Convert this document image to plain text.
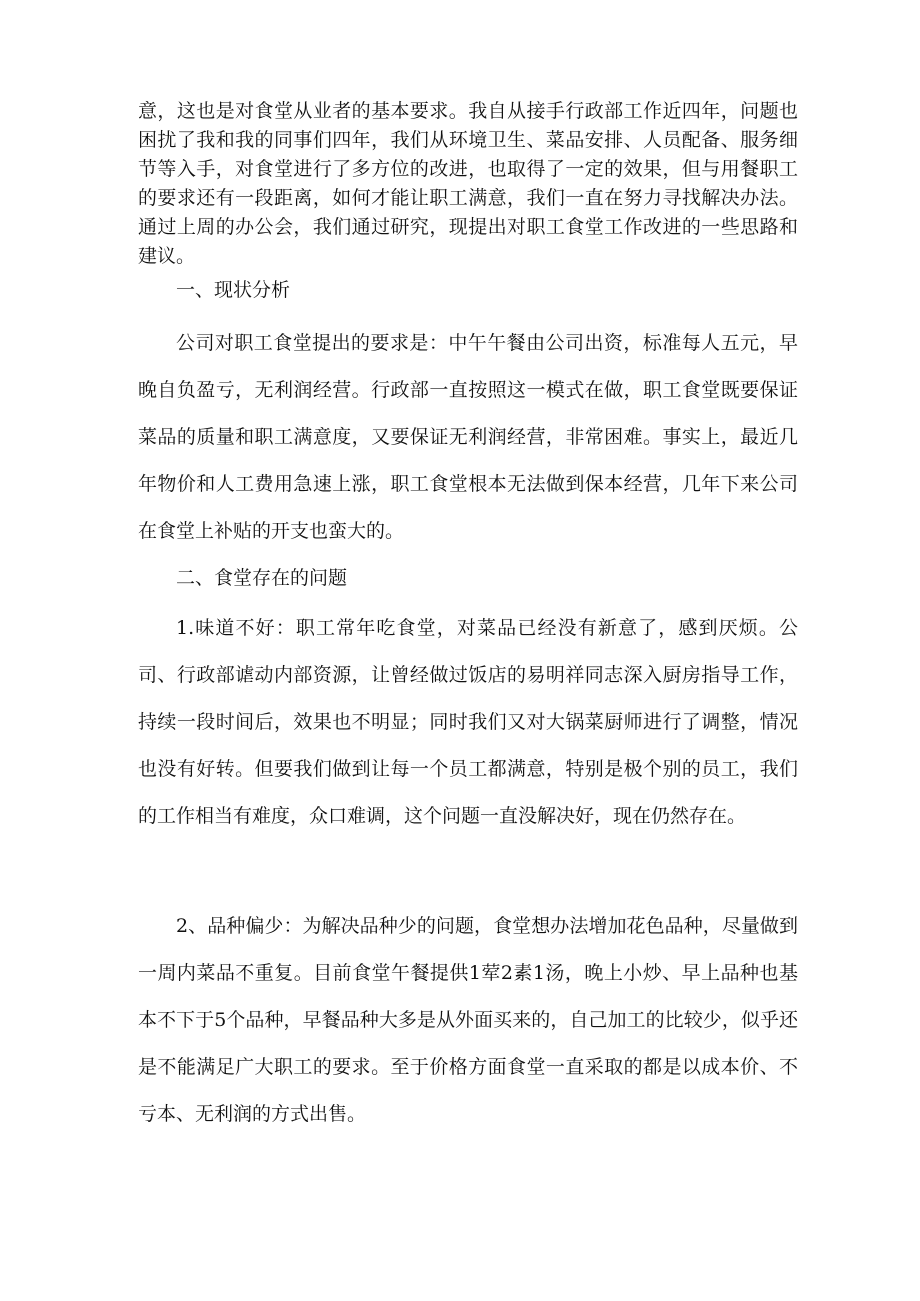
意，这也是对食堂从业者的基本要求。我自从接手行政部工作近四年，问题也困扰了我和我的同事们四年，我们从环境卫生、菜品安排、人员配备、服务细节等入手，对食堂进行了多方位的改进，也取得了一定的效果，但与用餐职工的要求还有一段距离，如何才能让职工满意，我们一直在努力寻找解决办法。通过上周的办公会，我们通过研究，现提出对职工食堂工作改进的一些思路和建议。

一、现状分析

公司对职工食堂提出的要求是：中午午餐由公司出资，标准每人五元，早晚自负盈亏，无利润经营。行政部一直按照这一模式在做，职工食堂既要保证菜品的质量和职工满意度，又要保证无利润经营，非常困难。事实上，最近几年物价和人工费用急速上涨，职工食堂根本无法做到保本经营，几年下来公司在食堂上补贴的开支也蛮大的。

二、食堂存在的问题

1.味道不好：职工常年吃食堂，对菜品已经没有新意了，感到厌烦。公司、行政部谑动内部资源，让曾经做过饭店的易明祥同志深入厨房指导工作，持续一段时间后，效果也不明显；同时我们又对大锅菜厨师进行了调整，情况也没有好转。但要我们做到让每一个员工都满意，特别是极个别的员工，我们的工作相当有难度，众口难调，这个问题一直没解决好，现在仍然存在。

2、品种偏少：为解决品种少的问题，食堂想办法增加花色品种，尽量做到一周内菜品不重复。目前食堂午餐提供1荤2素1汤，晚上小炒、早上品种也基本不下于5个品种，早餐品种大多是从外面买来的，自己加工的比较少，似乎还是不能满足广大职工的要求。至于价格方面食堂一直采取的都是以成本价、不亏本、无利润的方式出售。
